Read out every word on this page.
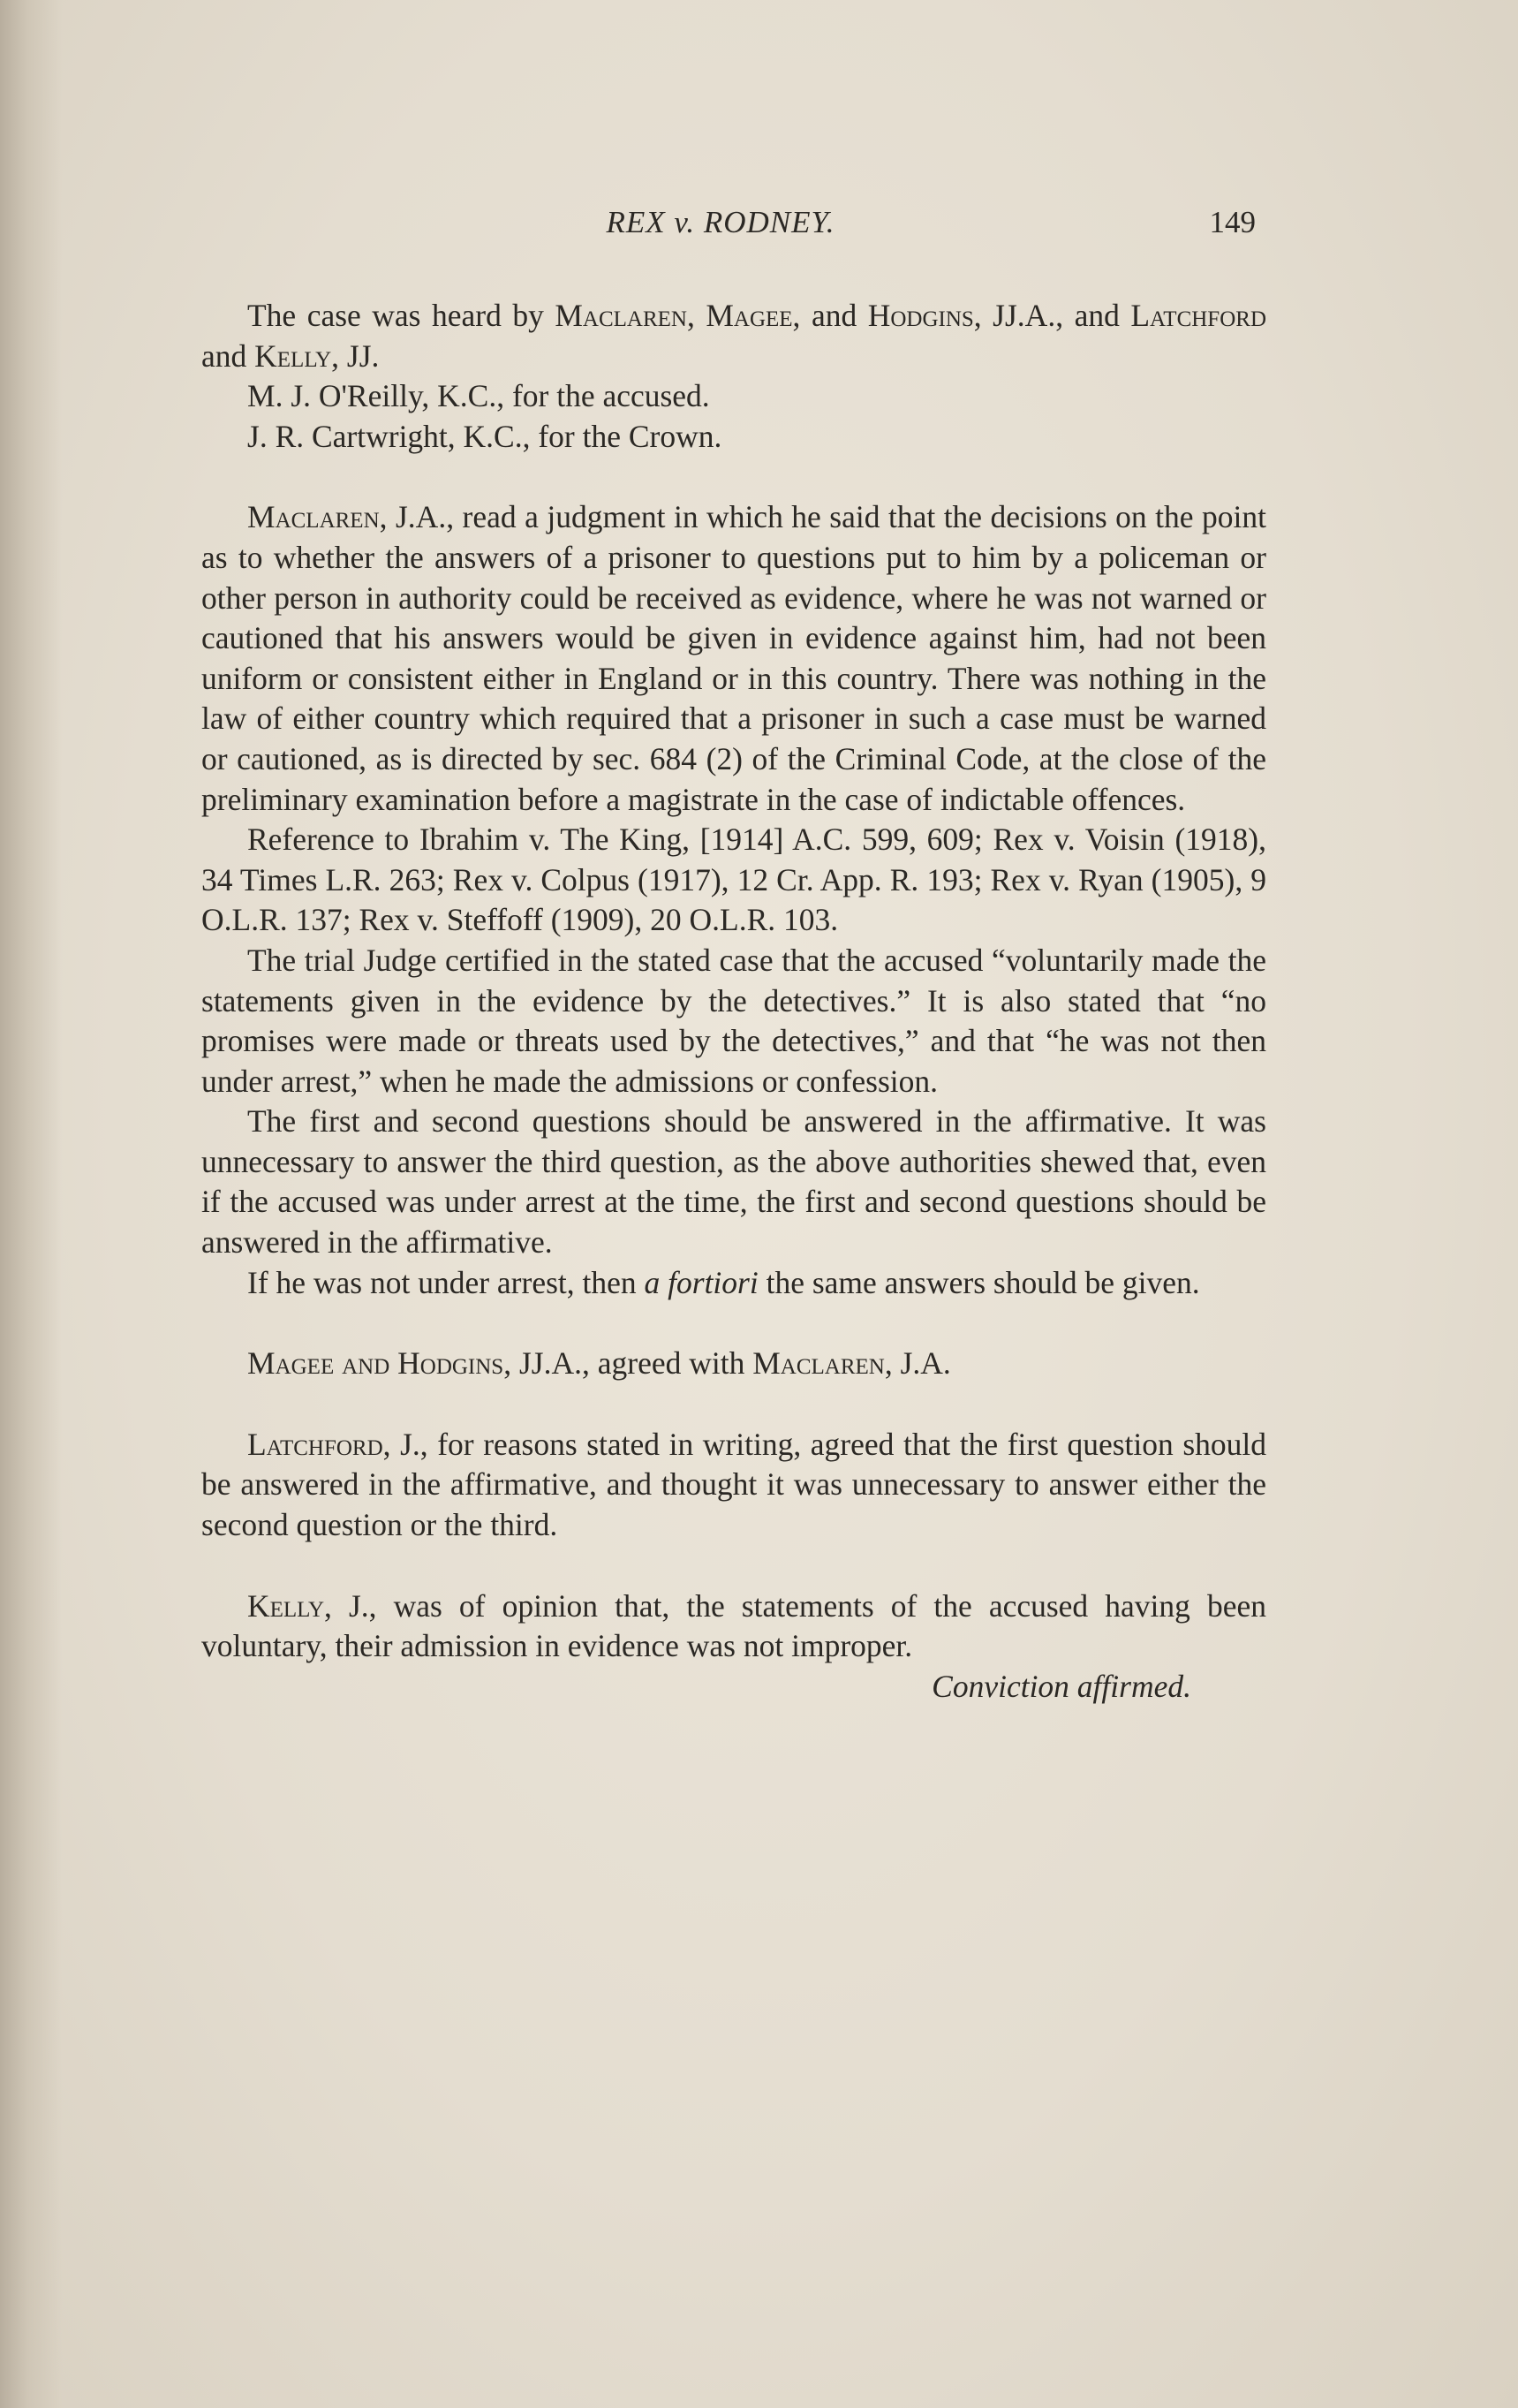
REX v. RODNEY.	149

The case was heard by Maclaren, Magee, and Hodgins, JJ.A., and Latchford and Kelly, JJ.

M. J. O'Reilly, K.C., for the accused.

J. R. Cartwright, K.C., for the Crown.

Maclaren, J.A., read a judgment in which he said that the decisions on the point as to whether the answers of a prisoner to questions put to him by a policeman or other person in authority could be received as evidence, where he was not warned or cautioned that his answers would be given in evidence against him, had not been uniform or consistent either in England or in this country. There was nothing in the law of either country which required that a prisoner in such a case must be warned or cautioned, as is directed by sec. 684 (2) of the Criminal Code, at the close of the preliminary examination before a magistrate in the case of indictable offences.

Reference to Ibrahim v. The King, [1914] A.C. 599, 609; Rex v. Voisin (1918), 34 Times L.R. 263; Rex v. Colpus (1917), 12 Cr. App. R. 193; Rex v. Ryan (1905), 9 O.L.R. 137; Rex v. Steffoff (1909), 20 O.L.R. 103.

The trial Judge certified in the stated case that the accused “voluntarily made the statements given in the evidence by the detectives.” It is also stated that “no promises were made or threats used by the detectives,” and that “he was not then under arrest,” when he made the admissions or confession.

The first and second questions should be answered in the affirmative. It was unnecessary to answer the third question, as the above authorities shewed that, even if the accused was under arrest at the time, the first and second questions should be answered in the affirmative.

If he was not under arrest, then a fortiori the same answers should be given.

Magee and Hodgins, JJ.A., agreed with Maclaren, J.A.

Latchford, J., for reasons stated in writing, agreed that the first question should be answered in the affirmative, and thought it was unnecessary to answer either the second question or the third.

Kelly, J., was of opinion that, the statements of the accused having been voluntary, their admission in evidence was not improper.

Conviction affirmed.
